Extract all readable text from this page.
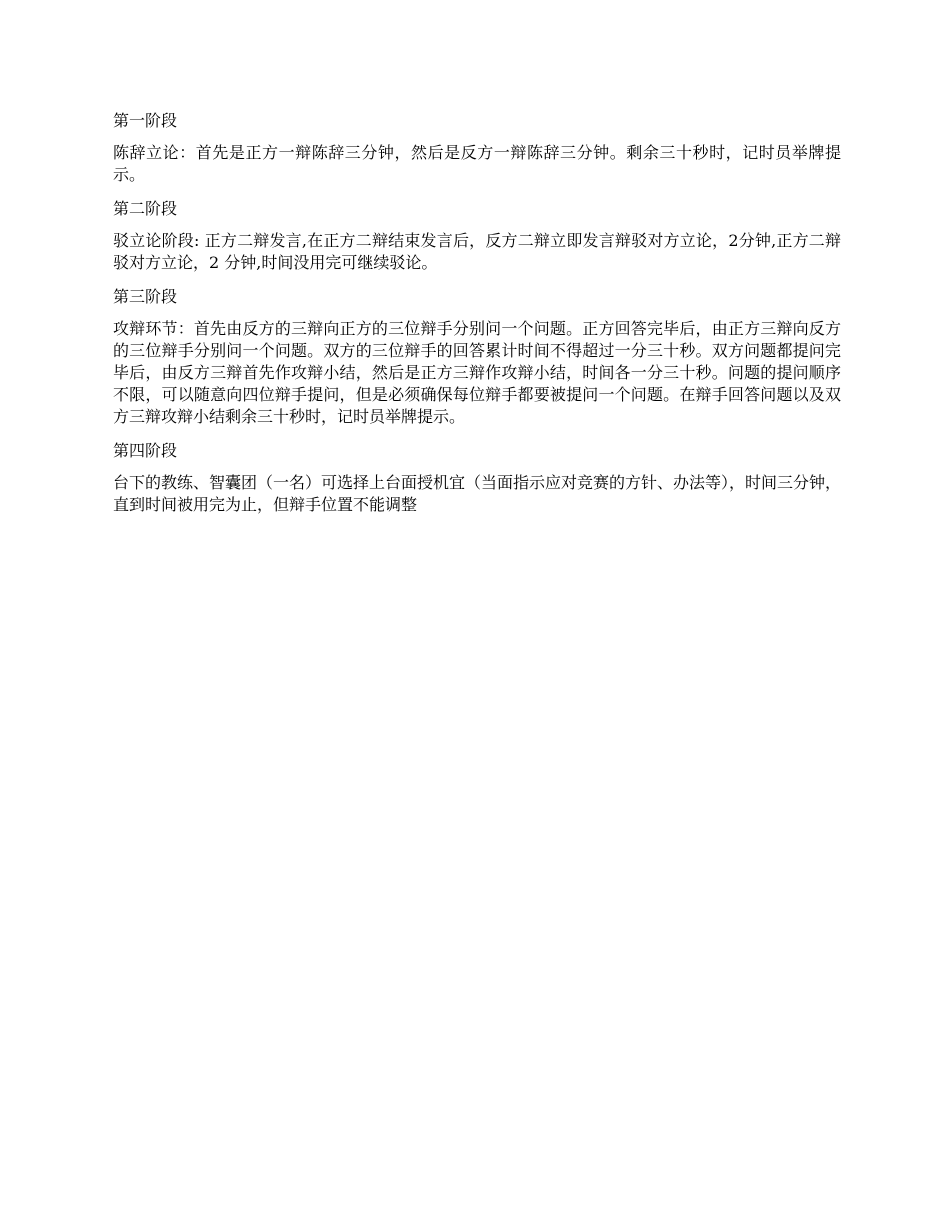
第一阶段

陈辞立论：首先是正方一辩陈辞三分钟，然后是反方一辩陈辞三分钟。剩余三十秒时，记时员举牌提示。

第二阶段

驳立论阶段: 正方二辩发言,在正方二辩结束发言后，反方二辩立即发言辩驳对方立论，2分钟,正方二辩驳对方立论，2 分钟,时间没用完可继续驳论。

第三阶段

攻辩环节：首先由反方的三辩向正方的三位辩手分别问一个问题。正方回答完毕后，由正方三辩向反方的三位辩手分别问一个问题。双方的三位辩手的回答累计时间不得超过一分三十秒。双方问题都提问完毕后，由反方三辩首先作攻辩小结，然后是正方三辩作攻辩小结，时间各一分三十秒。问题的提问顺序不限，可以随意向四位辩手提问，但是必须确保每位辩手都要被提问一个问题。在辩手回答问题以及双方三辩攻辩小结剩余三十秒时，记时员举牌提示。

第四阶段

台下的教练、智囊团（一名）可选择上台面授机宜（当面指示应对竞赛的方针、办法等），时间三分钟，直到时间被用完为止，但辩手位置不能调整
